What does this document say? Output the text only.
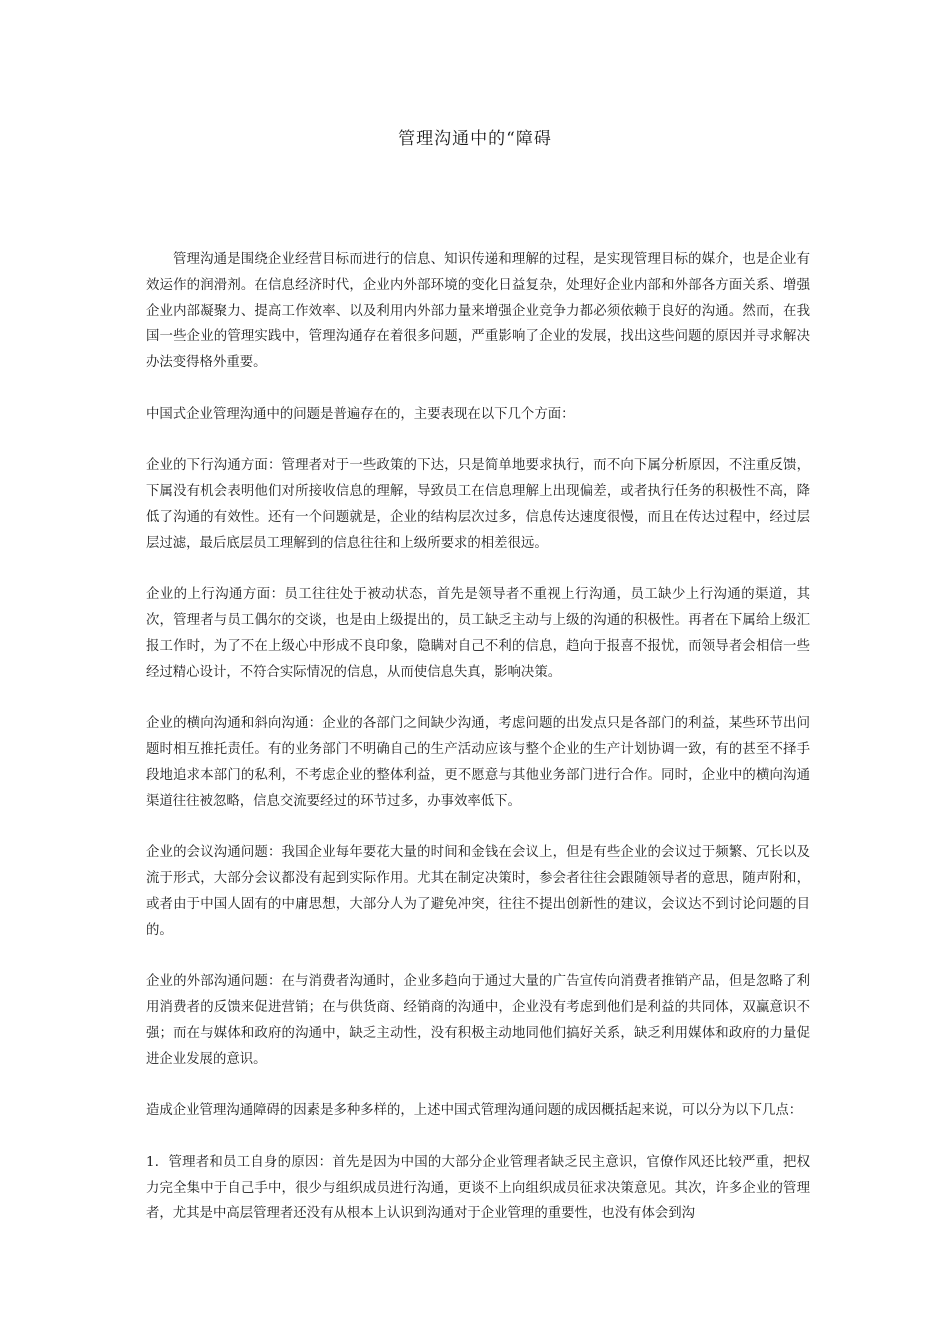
管理沟通中的“障碍

管理沟通是围绕企业经营目标而进行的信息、知识传递和理解的过程，是实现管理目标的媒介，也是企业有效运作的润滑剂。在信息经济时代，企业内外部环境的变化日益复杂，处理好企业内部和外部各方面关系、增强企业内部凝聚力、提高工作效率、以及利用内外部力量来增强企业竞争力都必须依赖于良好的沟通。然而，在我国一些企业的管理实践中，管理沟通存在着很多问题，严重影响了企业的发展，找出这些问题的原因并寻求解决办法变得格外重要。

中国式企业管理沟通中的问题是普遍存在的，主要表现在以下几个方面：

企业的下行沟通方面：管理者对于一些政策的下达，只是简单地要求执行，而不向下属分析原因，不注重反馈，下属没有机会表明他们对所接收信息的理解，导致员工在信息理解上出现偏差，或者执行任务的积极性不高，降低了沟通的有效性。还有一个问题就是，企业的结构层次过多，信息传达速度很慢，而且在传达过程中，经过层层过滤，最后底层员工理解到的信息往往和上级所要求的相差很远。

企业的上行沟通方面：员工往往处于被动状态，首先是领导者不重视上行沟通，员工缺少上行沟通的渠道，其次，管理者与员工偶尔的交谈，也是由上级提出的，员工缺乏主动与上级的沟通的积极性。再者在下属给上级汇报工作时，为了不在上级心中形成不良印象，隐瞒对自己不利的信息，趋向于报喜不报忧，而领导者会相信一些经过精心设计，不符合实际情况的信息，从而使信息失真，影响决策。

企业的横向沟通和斜向沟通：企业的各部门之间缺少沟通，考虑问题的出发点只是各部门的利益，某些环节出问题时相互推托责任。有的业务部门不明确自己的生产活动应该与整个企业的生产计划协调一致，有的甚至不择手段地追求本部门的私利，不考虑企业的整体利益，更不愿意与其他业务部门进行合作。同时，企业中的横向沟通渠道往往被忽略，信息交流要经过的环节过多，办事效率低下。

企业的会议沟通问题：我国企业每年要花大量的时间和金钱在会议上，但是有些企业的会议过于频繁、冗长以及流于形式，大部分会议都没有起到实际作用。尤其在制定决策时，参会者往往会跟随领导者的意思，随声附和，或者由于中国人固有的中庸思想，大部分人为了避免冲突，往往不提出创新性的建议，会议达不到讨论问题的目的。

企业的外部沟通问题：在与消费者沟通时，企业多趋向于通过大量的广告宣传向消费者推销产品，但是忽略了利用消费者的反馈来促进营销；在与供货商、经销商的沟通中，企业没有考虑到他们是利益的共同体，双赢意识不强；而在与媒体和政府的沟通中，缺乏主动性，没有积极主动地同他们搞好关系，缺乏利用媒体和政府的力量促进企业发展的意识。

造成企业管理沟通障碍的因素是多种多样的，上述中国式管理沟通问题的成因概括起来说，可以分为以下几点：

1．管理者和员工自身的原因：首先是因为中国的大部分企业管理者缺乏民主意识，官僚作风还比较严重，把权力完全集中于自己手中，很少与组织成员进行沟通，更谈不上向组织成员征求决策意见。其次，许多企业的管理者，尤其是中高层管理者还没有从根本上认识到沟通对于企业管理的重要性，也没有体会到沟
